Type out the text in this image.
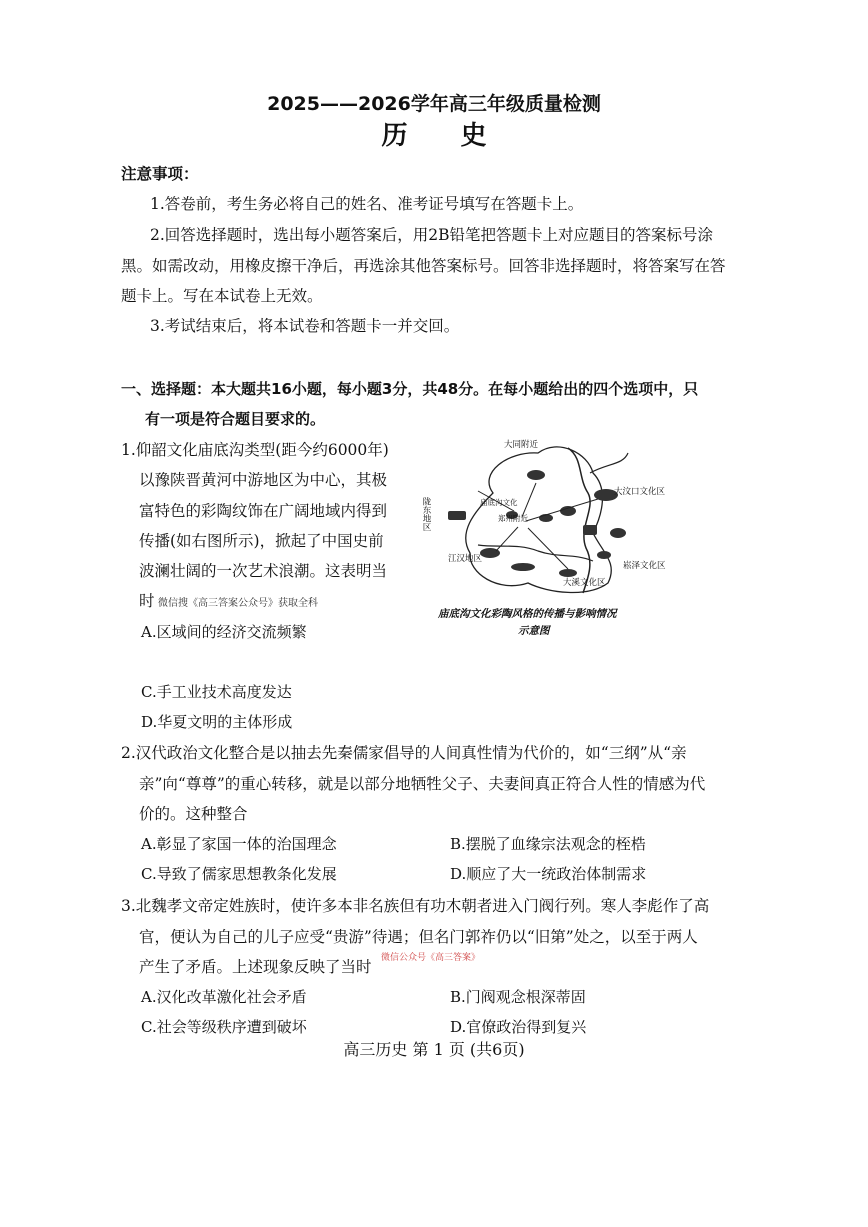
2025——2026学年高三年级质量检测
历 史
注意事项：
1.答卷前，考生务必将自己的姓名、准考证号填写在答题卡上。
2.回答选择题时，选出每小题答案后，用2B铅笔把答题卡上对应题目的答案标号涂
黑。如需改动，用橡皮擦干净后，再选涂其他答案标号。回答非选择题时，将答案写在答
题卡上。写在本试卷上无效。
3.考试结束后，将本试卷和答题卡一并交回。
一、选择题：本大题共16小题，每小题3分，共48分。在每小题给出的四个选项中，只
有一项是符合题目要求的。
1.仰韶文化庙底沟类型(距今约6000年)
以豫陕晋黄河中游地区为中心，其极
富特色的彩陶纹饰在广阔地域内得到
传播(如右图所示)，掀起了中国史前
波澜壮阔的一次艺术浪潮。这表明当
时 微信搜《高三答案公众号》获取全科
大同附近
大汶口文化区
陇东地区
崧泽文化区
江汉地区
大溪文化区
庙底沟文化
郑州附近
庙底沟文化彩陶风格的传播与影响情况
示意图
A.区域间的经济交流频繁
C.手工业技术高度发达
D.华夏文明的主体形成
2.汉代政治文化整合是以抽去先秦儒家倡导的人间真性情为代价的，如“三纲”从“亲
亲”向“尊尊”的重心转移，就是以部分地牺牲父子、夫妻间真正符合人性的情感为代
价的。这种整合
A.彰显了家国一体的治国理念	B.摆脱了血缘宗法观念的桎梏
C.导致了儒家思想教条化发展	D.顺应了大一统政治体制需求
3.北魏孝文帝定姓族时，使许多本非名族但有功木朝者进入门阀行列。寒人李彪作了高
官，便认为自己的儿子应受“贵游”待遇；但名门郭祚仍以“旧第”处之，以至于两人
产生了矛盾。上述现象反映了当时 微信公众号《高三答案》
A.汉化改革激化社会矛盾	B.门阀观念根深蒂固
C.社会等级秩序遭到破坏	D.官僚政治得到复兴
高三历史 第 1 页 (共6页)
